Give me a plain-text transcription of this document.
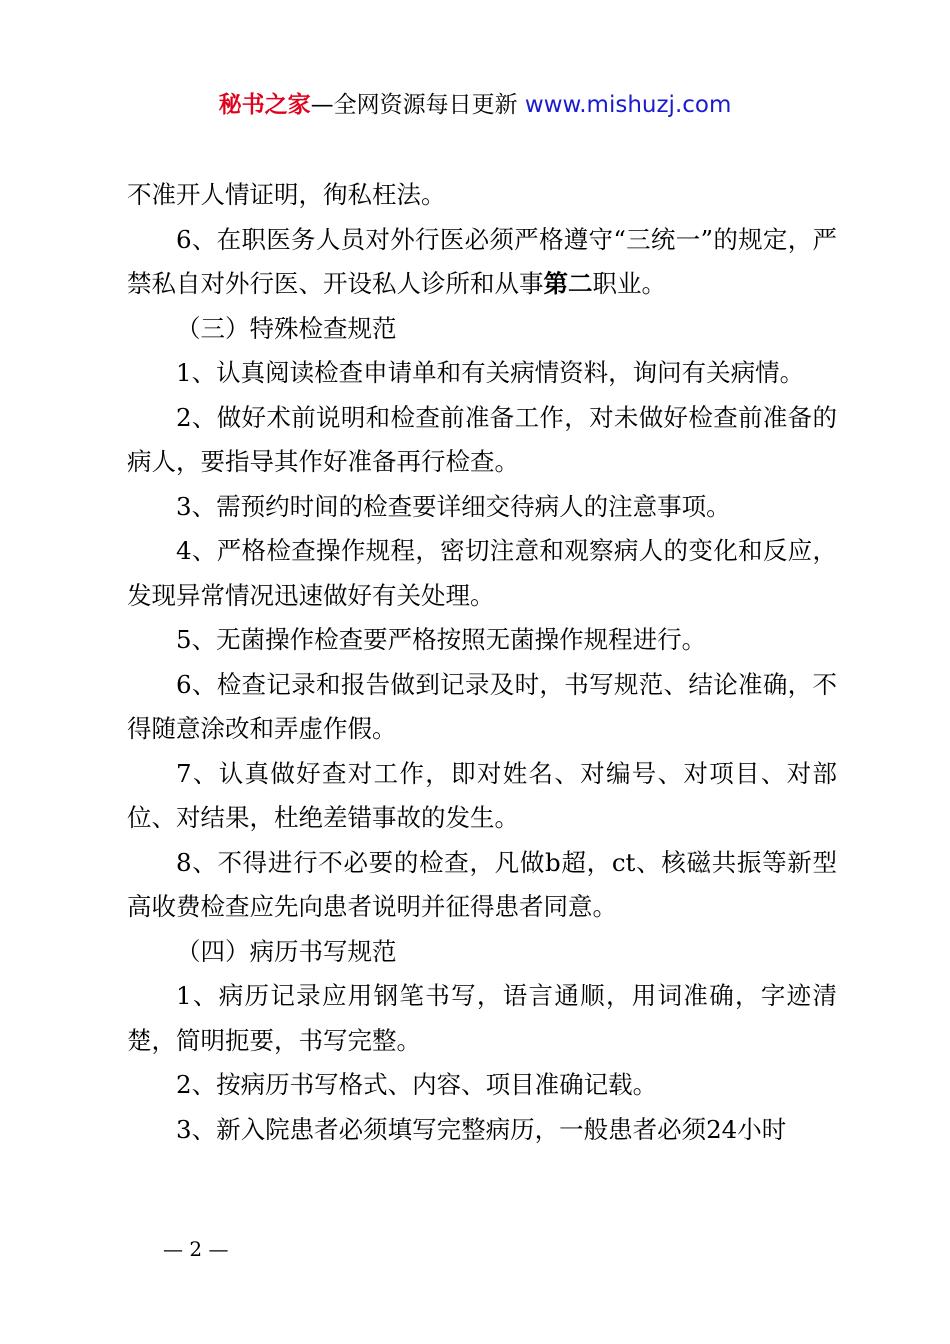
秘书之家—全网资源每日更新 www.mishuzj.com

不准开人情证明，徇私枉法。

6、在职医务人员对外行医必须严格遵守“三统一”的规定，严禁私自对外行医、开设私人诊所和从事第二职业。

（三）特殊检查规范

1、认真阅读检查申请单和有关病情资料，询问有关病情。

2、做好术前说明和检查前准备工作，对未做好检查前准备的病人，要指导其作好准备再行检查。

3、需预约时间的检查要详细交待病人的注意事项。

4、严格检查操作规程，密切注意和观察病人的变化和反应，发现异常情况迅速做好有关处理。

5、无菌操作检查要严格按照无菌操作规程进行。

6、检查记录和报告做到记录及时，书写规范、结论准确，不得随意涂改和弄虚作假。

7、认真做好查对工作，即对姓名、对编号、对项目、对部位、对结果，杜绝差错事故的发生。

8、不得进行不必要的检查，凡做b超，ct、核磁共振等新型高收费检查应先向患者说明并征得患者同意。

（四）病历书写规范

1、病历记录应用钢笔书写，语言通顺，用词准确，字迹清楚，简明扼要，书写完整。

2、按病历书写格式、内容、项目准确记载。

3、新入院患者必须填写完整病历，一般患者必须24小时

— 2 —
